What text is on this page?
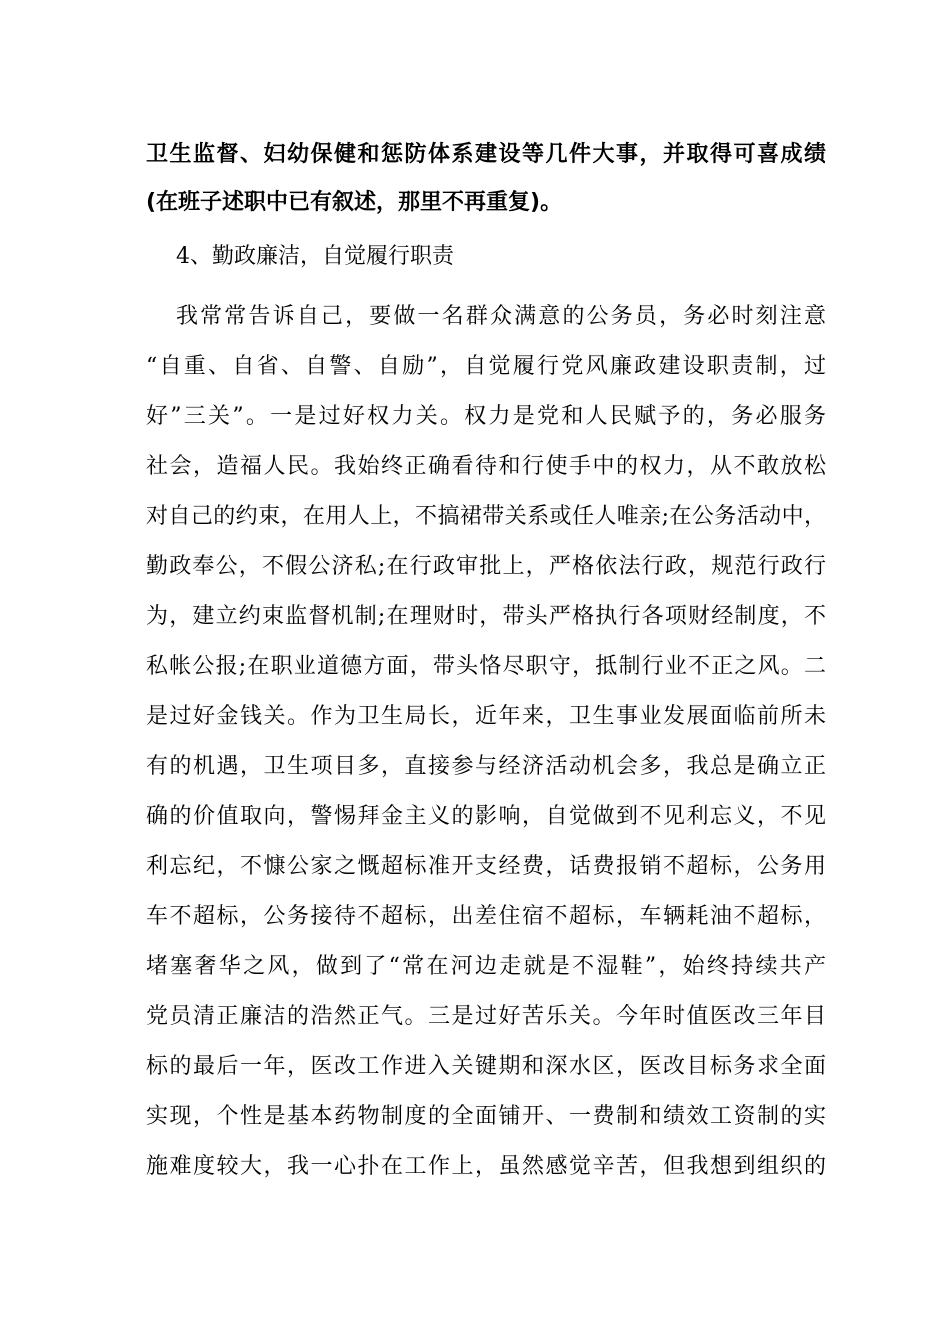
卫生监督、妇幼保健和惩防体系建设等几件大事，并取得可喜成绩
(在班子述职中已有叙述，那里不再重复)。
4、勤政廉洁，自觉履行职责
我常常告诉自己，要做一名群众满意的公务员，务必时刻注意
“自重、自省、自警、自励”，自觉履行党风廉政建设职责制，过
好”三关”。一是过好权力关。权力是党和人民赋予的，务必服务
社会，造福人民。我始终正确看待和行使手中的权力，从不敢放松
对自己的约束，在用人上，不搞裙带关系或任人唯亲;在公务活动中，
勤政奉公，不假公济私;在行政审批上，严格依法行政，规范行政行
为，建立约束监督机制;在理财时，带头严格执行各项财经制度，不
私帐公报;在职业道德方面，带头恪尽职守，抵制行业不正之风。二
是过好金钱关。作为卫生局长，近年来，卫生事业发展面临前所未
有的机遇，卫生项目多，直接参与经济活动机会多，我总是确立正
确的价值取向，警惕拜金主义的影响，自觉做到不见利忘义，不见
利忘纪，不慷公家之慨超标准开支经费，话费报销不超标，公务用
车不超标，公务接待不超标，出差住宿不超标，车辆耗油不超标，
堵塞奢华之风，做到了“常在河边走就是不湿鞋”，始终持续共产
党员清正廉洁的浩然正气。三是过好苦乐关。今年时值医改三年目
标的最后一年，医改工作进入关键期和深水区，医改目标务求全面
实现，个性是基本药物制度的全面铺开、一费制和绩效工资制的实
施难度较大，我一心扑在工作上，虽然感觉辛苦，但我想到组织的
